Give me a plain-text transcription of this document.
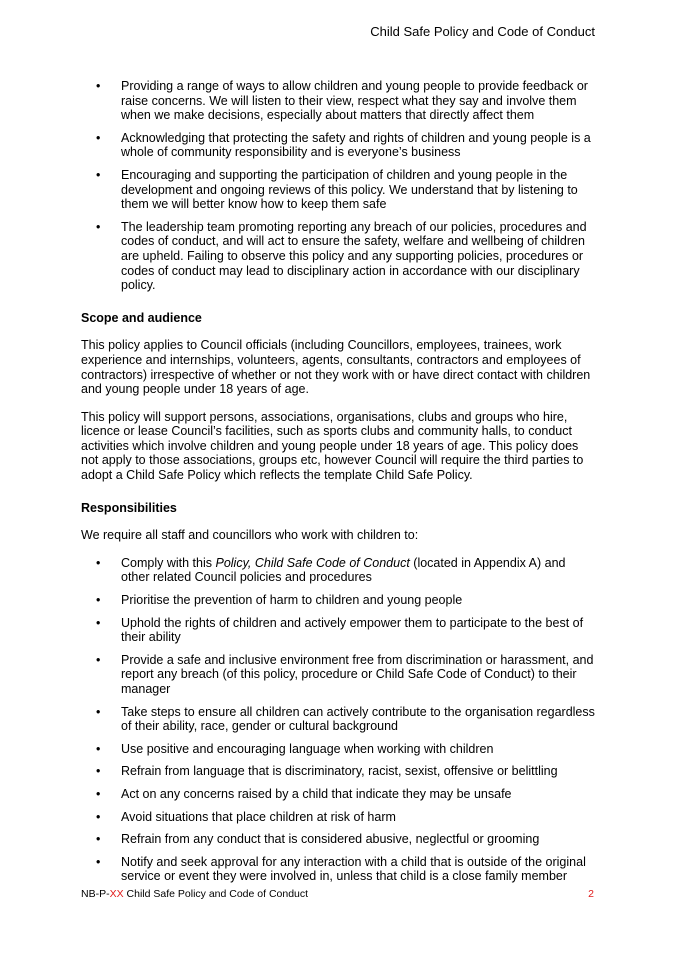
Child Safe Policy and Code of Conduct
• Providing a range of ways to allow children and young people to provide feedback or raise concerns. We will listen to their view, respect what they say and involve them when we make decisions, especially about matters that directly affect them
• Acknowledging that protecting the safety and rights of children and young people is a whole of community responsibility and is everyone’s business
• Encouraging and supporting the participation of children and young people in the development and ongoing reviews of this policy. We understand that by listening to them we will better know how to keep them safe
• The leadership team promoting reporting any breach of our policies, procedures and codes of conduct, and will act to ensure the safety, welfare and wellbeing of children are upheld. Failing to observe this policy and any supporting policies, procedures or codes of conduct may lead to disciplinary action in accordance with our disciplinary policy.

Scope and audience

This policy applies to Council officials (including Councillors, employees, trainees, work experience and internships, volunteers, agents, consultants, contractors and employees of contractors) irrespective of whether or not they work with or have direct contact with children and young people under 18 years of age.

This policy will support persons, associations, organisations, clubs and groups who hire, licence or lease Council’s facilities, such as sports clubs and community halls, to conduct activities which involve children and young people under 18 years of age. This policy does not apply to those associations, groups etc, however Council will require the third parties to adopt a Child Safe Policy which reflects the template Child Safe Policy.

Responsibilities

We require all staff and councillors who work with children to:

• Comply with this Policy, Child Safe Code of Conduct (located in Appendix A) and other related Council policies and procedures
• Prioritise the prevention of harm to children and young people
• Uphold the rights of children and actively empower them to participate to the best of their ability
• Provide a safe and inclusive environment free from discrimination or harassment, and report any breach (of this policy, procedure or Child Safe Code of Conduct) to their manager
• Take steps to ensure all children can actively contribute to the organisation regardless of their ability, race, gender or cultural background
• Use positive and encouraging language when working with children
• Refrain from language that is discriminatory, racist, sexist, offensive or belittling
• Act on any concerns raised by a child that indicate they may be unsafe
• Avoid situations that place children at risk of harm
• Refrain from any conduct that is considered abusive, neglectful or grooming
• Notify and seek approval for any interaction with a child that is outside of the original service or event they were involved in, unless that child is a close family member
NB-P-XX Child Safe Policy and Code of Conduct	2
